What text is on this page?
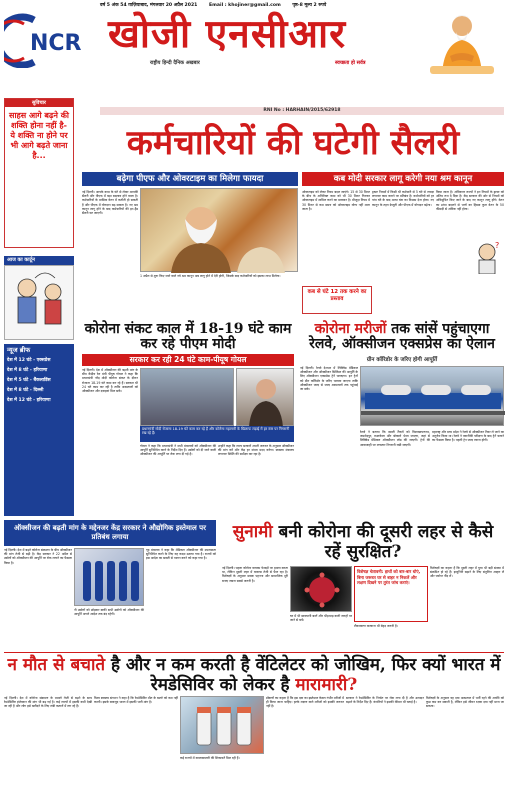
वर्ष 5 अंक 54 ग़ाज़ियाबाद, मंगलवार 20 अप्रैल 2021	Email : khojiner@gmail.com	पृष्ठ-8 मूल्य 2 रुपये
NCR खोजी एनसीआर
राष्ट्रीय हिन्दी दैनिक अखबार	स्वच्छता हो सर्वत्र
RNI No : HARHAIN/2015/62918
सुविचार
साहस आगे बढ़ने की शक्ति होना नहीं है- ये शक्ति ना होने पर भी आगे बढ़ते जाना है...
आज का कार्टून
न्यूज ब्रीफ
देश में 12 घंटे - एक्सप्रेस
देश में 8 घंटे - हरियाणा
देश में 5 घंटे - बैंकलाडिंस
देश में 8 घंटे - दिल्ली
देश में 12 घंटे - हरियाणा
कर्मचारियों की घटेगी सैलरी
बढ़ेगा पीएफ और ओवरटाइम का मिलेगा फायदा	कब मोदी सरकार लागू करेगी नया श्रम कानून
नई दिल्ली। आपके काम के घंटे से लेकर आपकी सैलरी और पीएफ में बड़ा बदलाव होने वाला है। कर्मचारियों के मासिक वेतन में कटौती हो सकती है और पीएफ में योगदान बढ़ सकता है। नए श्रम कानून लागू होने के बाद कर्मचारियों की इन-हैंड सैलरी घट जाएगी।
1 अप्रैल से शुरू किए जाने वाले नये श्रम कानून अब लागू होने में देरी होगी, जिसके बाद कर्मचारियों को इसका लाभ मिलेगा।
ओवरटाइम को लेकर नियम बदल जाएंगे। 15 से 30 मिनट के बीच के अतिरिक्त काम को भी 30 मिनट गिनकर ओवरटाइम में शामिल करने का प्रावधान है। मौजूदा नियम में 30 मिनट से कम समय को ओवरटाइम योग्य नहीं माना जाता है।
ड्राफ्ट नियमों में किसी भी कर्मचारी से 5 घंटे से ज्यादा लगातार काम कराने पर प्रतिबंध है। कर्मचारियों को हर पांच घंटे के बाद आधा घंटा का विश्राम देना होगा। नए कानून के तहत ग्रेच्युटी और पीएफ में योगदान बढ़ेगा।
किया जाना है। अधिकतर राज्यों ने इन नियमों के ड्राफ्ट को अंतिम रूप दे दिया है। केंद्र सरकार की ओर से नियमों को अधिसूचित किए जाने के बाद नए कानून लागू होंगे। वेतन का ढांचा बदलने से भत्तों का हिस्सा कुल वेतन के 50 फीसदी से अधिक नहीं होगा।
?
कब से घंटे 12 तक करने का प्रस्ताव
कोरोना संकट काल में 18-19 घंटे काम कर रहे पीएम मोदी
सरकार कर रही 24 घंटे काम-पीयूष गोयल
नई दिल्ली। देश में ऑक्सीजन की बढ़ती मांग के बीच केंद्रीय रेल मंत्री पीयूष गोयल ने कहा कि प्रधानमंत्री नरेंद्र मोदी कोरोना संकट के दौरान रोजाना 18-19 घंटे काम कर रहे हैं। सरकार भी 24 घंटे काम कर रही है ताकि अस्पतालों को ऑक्सीजन और दवाइयां मिल सकें।
प्रधानमंत्री मोदी रोजाना 18-19 घंटे काम कर रहे हैं और कोरोना महामारी के खिलाफ लड़ाई में हर स्तर पर निगरानी रख रहे हैं।
गोयल ने कहा कि प्रधानमंत्री ने सभी मंत्रालयों को ऑक्सीजन की आपूर्ति सुनिश्चित करने के निर्देश दिए हैं। उद्योगों को दी जाने वाली ऑक्सीजन की आपूर्ति पर रोक लगा दी गई है।
उन्होंने कहा कि राज्य सरकारें अपनी जरूरत के अनुसार ऑक्सीजन की मांग करें और केंद्र हर संभव मदद करेगा। स्वास्थ्य मंत्रालय लगातार स्थिति की समीक्षा कर रहा है।
कोरोना मरीजों तक सांसें पहुंचाएगा रेलवे, ऑक्सीजन एक्सप्रेस का ऐलान
ग्रीन कॉरिडोर के जरिए होगी आपूर्ति
नई दिल्ली। रेलवे देशभर में लिक्विड मेडिकल ऑक्सीजन और ऑक्सीजन सिलिंडर की आपूर्ति के लिए ऑक्सीजन एक्सप्रेस ट्रेनें चलाएगा। इन ट्रेनों को ग्रीन कॉरिडोर के जरिए चलाया जाएगा ताकि ऑक्सीजन जल्द से जल्द अस्पतालों तक पहुंचाई जा सके।
रेलवे ने बताया कि खाली टैंकरों को विशाखापत्तनम, जमशेदपुर, राउरकेला और बोकारो भेजा जाएगा, जहां से लिक्विड मेडिकल ऑक्सीजन लोड की जाएगी। ट्रेनों की आवाजाही पर लगातार निगरानी रखी जाएगी।
महाराष्ट्र और मध्य प्रदेश ने रेलवे से ऑक्सीजन टैंकर ले जाने का अनुरोध किया था। रेलवे ने तकनीकी परीक्षण के बाद ट्रेनें चलाने का फैसला किया है। पहली ट्रेन जल्द रवाना होगी।
ऑक्सीजन की बढ़ती मांग के मद्देनजर केंद्र सरकार ने औद्योगिक इस्तेमाल पर प्रतिबंध लगाया
नई दिल्ली। देश में बढ़ते कोरोना संक्रमण के बीच ऑक्सीजन की मांग तेजी से बढ़ी है। केंद्र सरकार ने 22 अप्रैल से उद्योगों को ऑक्सीजन की आपूर्ति पर रोक लगाने का फैसला किया है।
नौ उद्योगों को छोड़कर बाकी सभी उद्योगों को ऑक्सीजन की आपूर्ति अगले आदेश तक बंद रहेगी।
गृह मंत्रालय ने कहा कि मेडिकल ऑक्सीजन की उपलब्धता सुनिश्चित करने के लिए यह कदम उठाया गया है। राज्यों को इस आदेश का सख्ती से पालन करने को कहा गया है।
सुनामी बनी कोरोना की दूसरी लहर से कैसे रहें सुरक्षित?
नई दिल्ली। पहला कोरोना वायरस फेफड़ों पर हमला करता था, लेकिन दूसरी लहर में वायरस तेजी से फैल रहा है। विशेषज्ञों के अनुसार मास्क पहनना और सामाजिक दूरी बनाए रखना सबसे जरूरी है।
घर में भी सावधानी बरतें और भीड़भाड़ वाली जगहों पर जाने से बचें।
विशेषज्ञ चेतावनी: हाथों को बार-बार धोएं, बिना जरूरत घर से बाहर न निकलें और लक्षण दिखने पर तुरंत जांच कराएं।
टीकाकरण करवाना भी बेहद जरूरी है।
विशेषज्ञों का कहना है कि दूसरी लहर में युवा भी बड़ी संख्या में संक्रमित हो रहे हैं। इम्युनिटी बढ़ाने के लिए संतुलित आहार लें और पर्याप्त नींद लें।
न मौत से बचाते है और न कम करती है वेंटिलेटर को जोखिम, फिर क्यों भारत में रेमडेसिविर को लेकर है मारामारी?
नई दिल्ली। देश में कोरोना संक्रमण के मामले तेजी से बढ़ने के साथ रेमडेसिविर इंजेक्शन की मांग भी बढ़ गई है। कई राज्यों में इसकी कमी देखी जा रही है और लोग इसे खरीदने के लिए लंबी कतारों में लग रहे हैं।
विश्व स्वास्थ्य संगठन ने कहा है कि रेमडेसिविर मौत के खतरे को कम नहीं करती। इसके बावजूद भारत में इसकी भारी मांग है।
कई राज्यों में कालाबाजारी की शिकायतें मिल रही हैं।
डॉक्टरों का कहना है कि इस दवा का इस्तेमाल केवल गंभीर मरीजों में ही किया जाना चाहिए। हल्के लक्षण वाले मरीजों को इसकी जरूरत नहीं है।
सरकार ने रेमडेसिविर के निर्यात पर रोक लगा दी है और उत्पादन बढ़ाने के निर्देश दिए हैं। कंपनियों ने इसकी कीमत भी घटाई है।
विशेषज्ञों के अनुसार यह दवा अस्पताल में भर्ती रहने की अवधि को कुछ कम कर सकती है, लेकिन इसे जीवन रक्षक दवा नहीं माना जा सकता।
